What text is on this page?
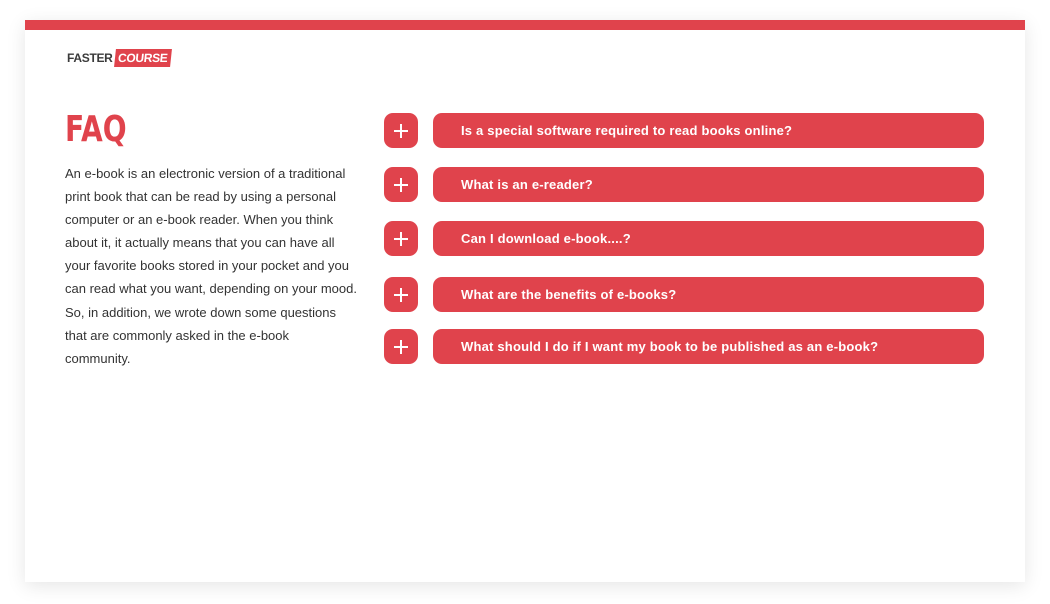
FASTER COURSE
FAQ

An e-book is an electronic version of a traditional print book that can be read by using a personal computer or an e-book reader. When you think about it, it actually means that you can have all your favorite books stored in your pocket and you can read what you want, depending on your mood. So, in addition, we wrote down some questions that are commonly asked in the e-book community.

Is a special software required to read books online?
What is an e-reader?
Can I download e-book....?
What are the benefits of e-books?
What should I do if I want my book to be published as an e-book?
